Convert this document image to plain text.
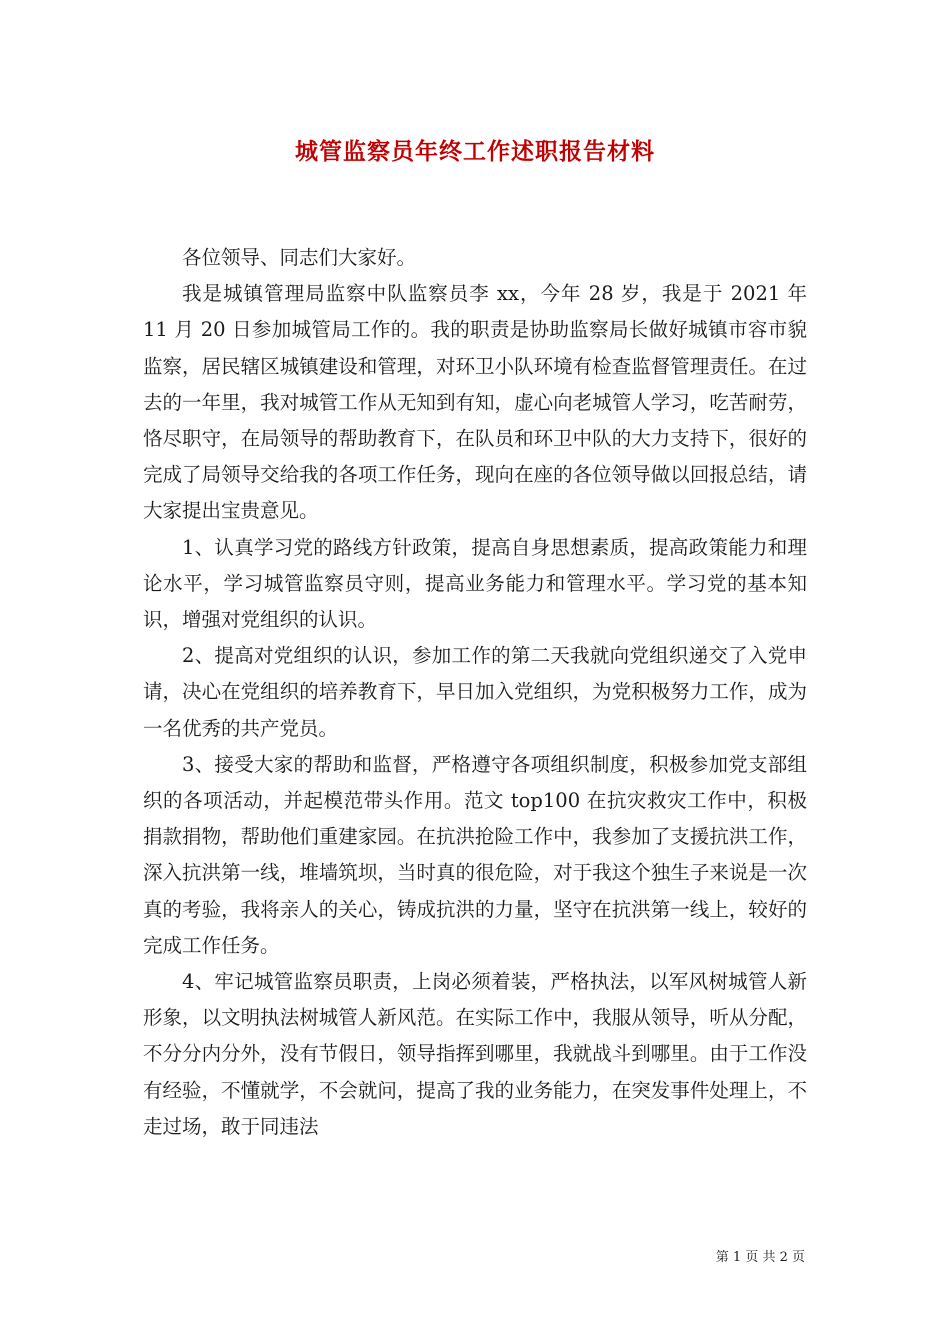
城管监察员年终工作述职报告材料

各位领导、同志们大家好。

我是城镇管理局监察中队监察员李 xx，今年 28 岁，我是于 2021 年 11 月 20 日参加城管局工作的。我的职责是协助监察局长做好城镇市容市貌监察，居民辖区城镇建设和管理，对环卫小队环境有检查监督管理责任。在过去的一年里，我对城管工作从无知到有知，虚心向老城管人学习，吃苦耐劳，恪尽职守，在局领导的帮助教育下，在队员和环卫中队的大力支持下，很好的完成了局领导交给我的各项工作任务，现向在座的各位领导做以回报总结，请大家提出宝贵意见。

1、认真学习党的路线方针政策，提高自身思想素质，提高政策能力和理论水平，学习城管监察员守则，提高业务能力和管理水平。学习党的基本知识，增强对党组织的认识。

2、提高对党组织的认识，参加工作的第二天我就向党组织递交了入党申请，决心在党组织的培养教育下，早日加入党组织，为党积极努力工作，成为一名优秀的共产党员。

3、接受大家的帮助和监督，严格遵守各项组织制度，积极参加党支部组织的各项活动，并起模范带头作用。范文 top100 在抗灾救灾工作中，积极捐款捐物，帮助他们重建家园。在抗洪抢险工作中，我参加了支援抗洪工作，深入抗洪第一线，堆墙筑坝，当时真的很危险，对于我这个独生子来说是一次真的考验，我将亲人的关心，铸成抗洪的力量，坚守在抗洪第一线上，较好的完成工作任务。

4、牢记城管监察员职责，上岗必须着装，严格执法，以军风树城管人新形象，以文明执法树城管人新风范。在实际工作中，我服从领导，听从分配，不分分内分外，没有节假日，领导指挥到哪里，我就战斗到哪里。由于工作没有经验，不懂就学，不会就问，提高了我的业务能力，在突发事件处理上，不走过场，敢于同违法

第 1 页 共 2 页
